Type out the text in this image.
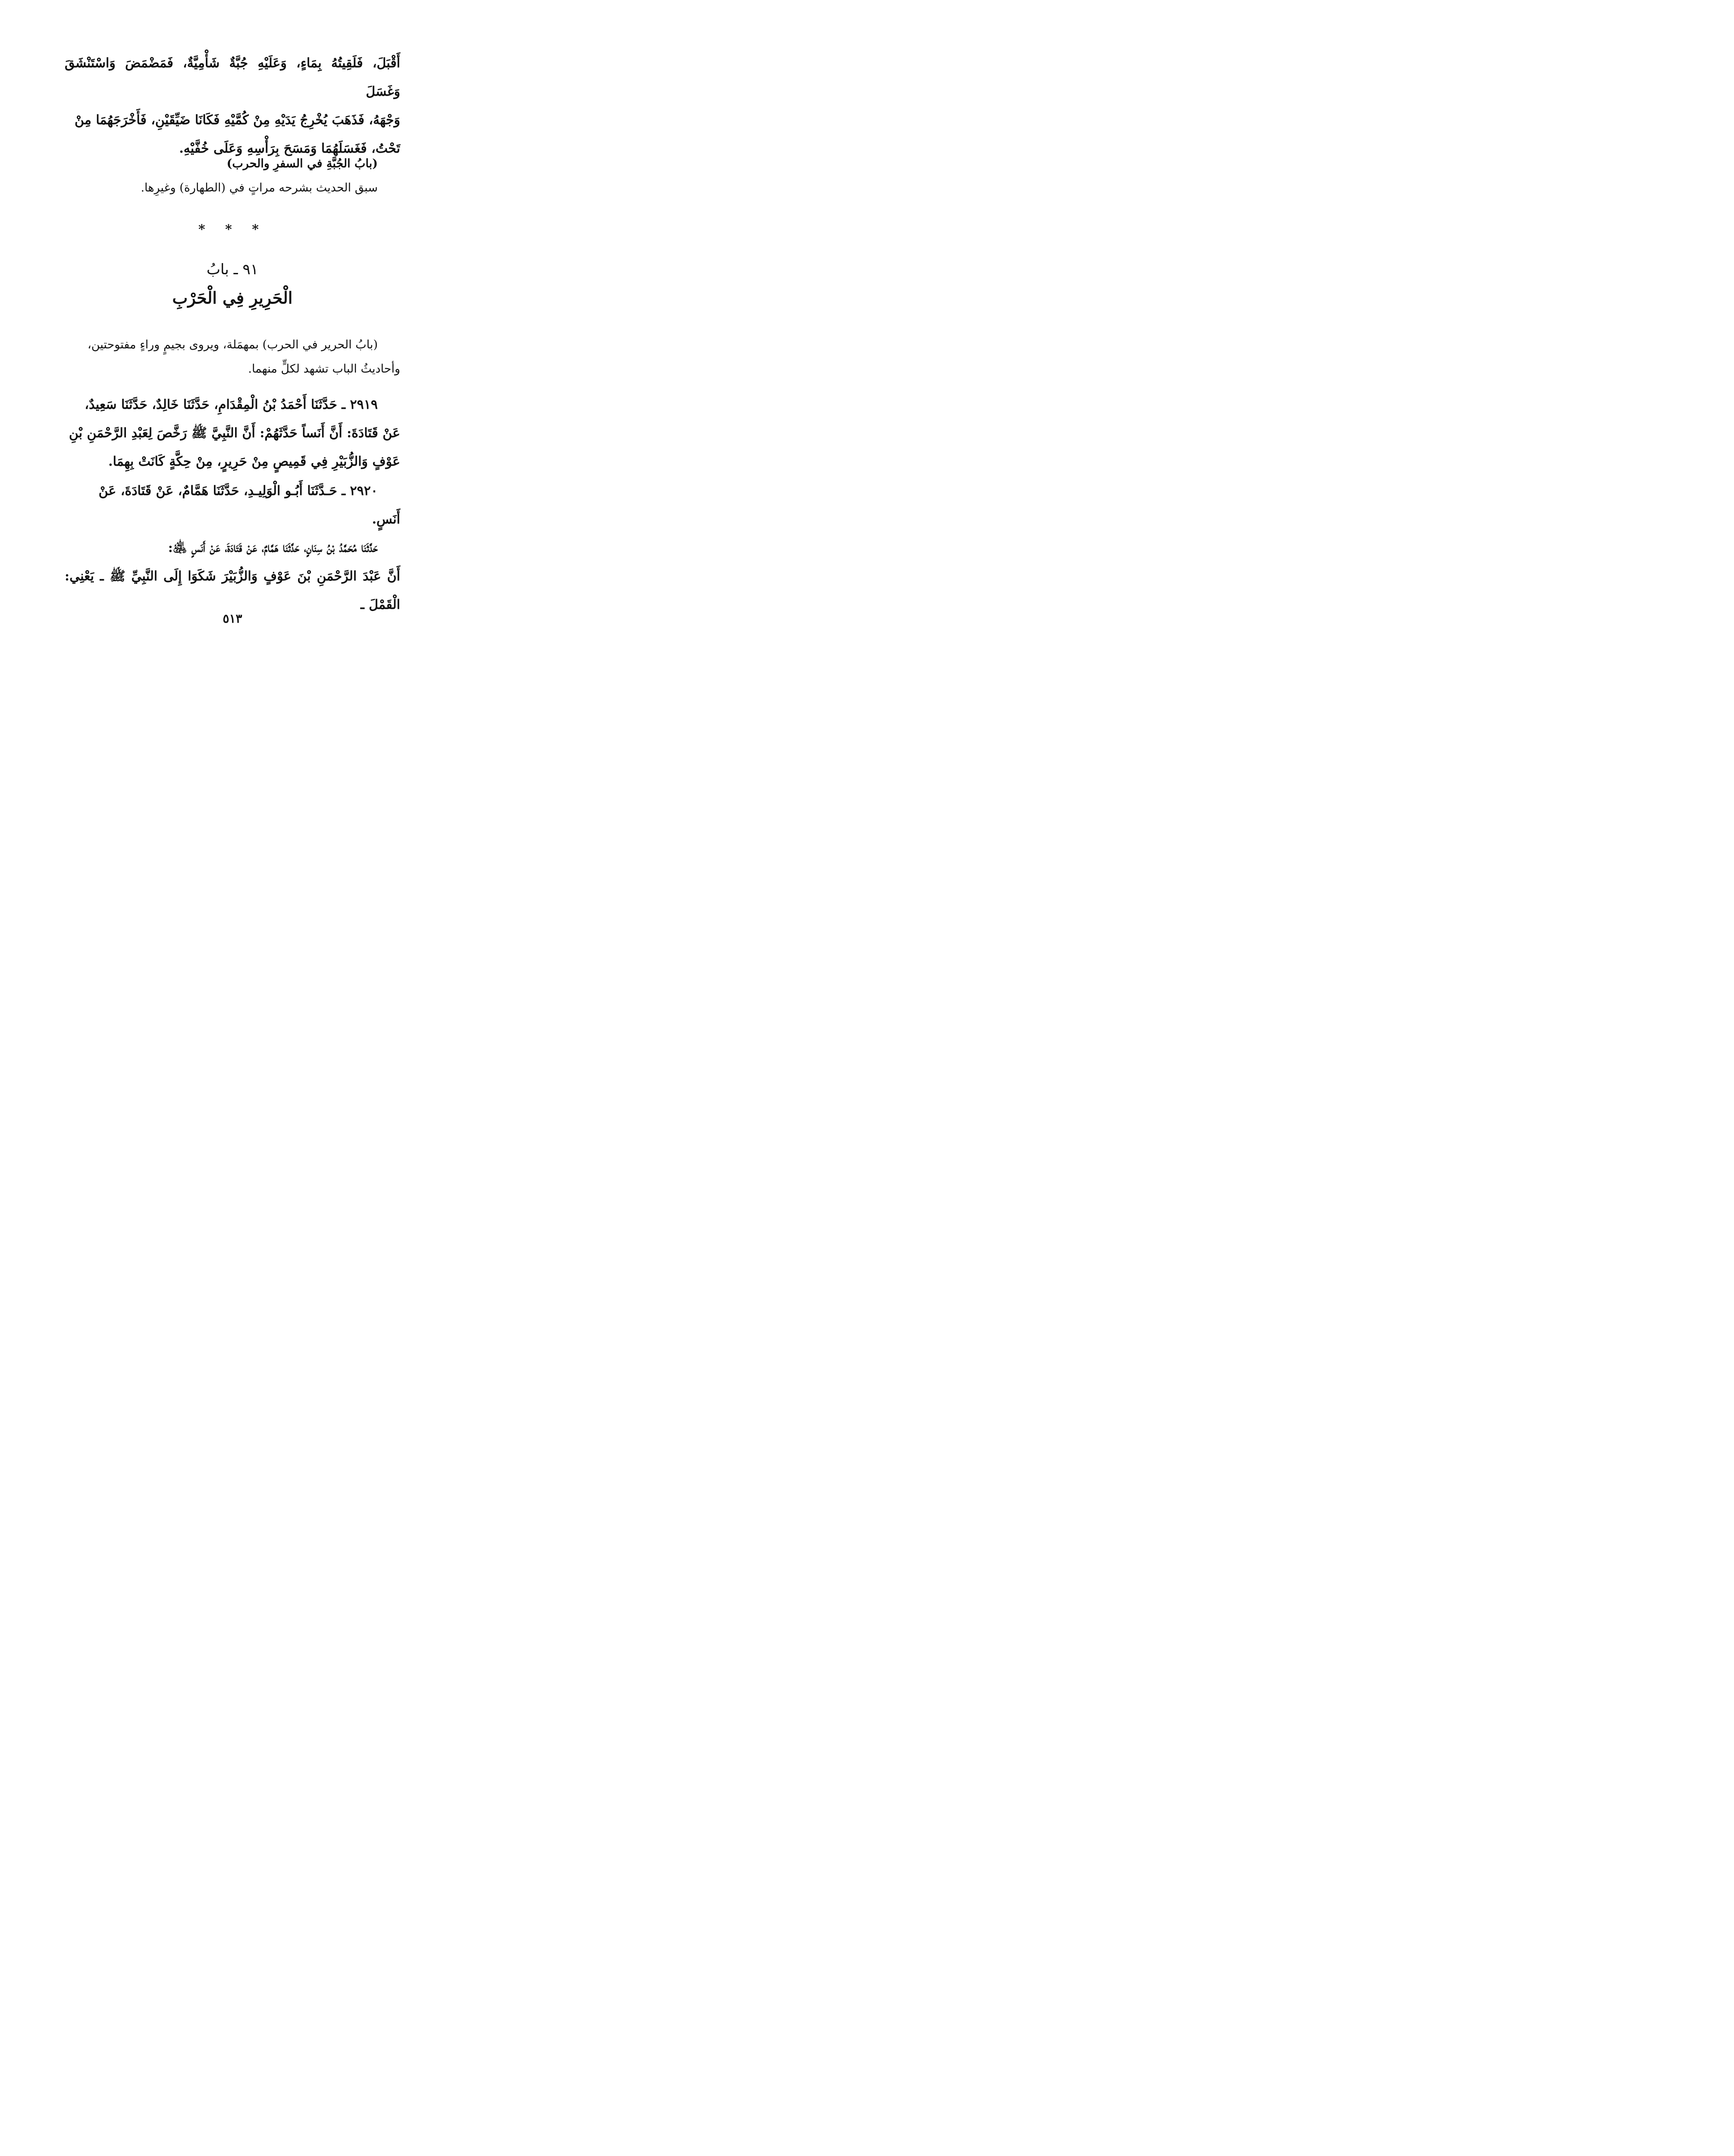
أَقْبَلَ، فَلَقِيتُهُ بِمَاءٍ، وَعَلَيْهِ جُبَّةٌ شَأْمِيَّةٌ، فَمَضْمَضَ وَاسْتَنْشَقَ وَغَسَلَ
وَجْهَهُ، فَذَهَبَ يُخْرِجُ يَدَيْهِ مِنْ كُمَّيْهِ فَكَانَا ضَيِّقَيْنِ، فَأَخْرَجَهُمَا مِنْ
تَحْتُ، فَغَسَلَهُمَا وَمَسَحَ بِرَأْسِهِ وَعَلَى خُفَّيْهِ.
(بابُ الجُبَّةِ في السفرِ والحرب)
سبق الحديث بشرحه مراتٍ في (الطهارة) وغيرِها.
* * *
٩١ ـ بابُ
الْحَرِيرِ فِي الْحَرْبِ
(بابُ الحرير في الحرب) بمهمَلة، ويروى بجيمٍ وراءٍ مفتوحتين،
وأحاديثُ الباب تشهد لكلٍّ منهما.
٢٩١٩ ـ حَدَّثَنَا أَحْمَدُ بْنُ الْمِقْدَامِ، حَدَّثَنَا خَالِدٌ، حَدَّثَنَا سَعِيدٌ،
عَنْ قَتَادَةَ: أَنَّ أَنَساً حَدَّثَهُمْ: أَنَّ النَّبِيَّ ﷺ رَخَّصَ لِعَبْدِ الرَّحْمَنِ بْنِ
عَوْفٍ وَالزُّبَيْرِ فِي قَمِيصٍ مِنْ حَرِيرٍ، مِنْ حِكَّةٍ كَانَتْ بِهِمَا.
٢٩٢٠ ـ حَـدَّثَنَا أَبُـو الْوَلِيـدِ، حَدَّثَنَا هَمَّامٌ، عَنْ قَتَادَةَ، عَنْ
أَنَسٍ.
حَدَّثَنَا مُحَمَّدُ بْنُ سِنَانٍ، حَدَّثَنَا هَمَّامٌ، عَنْ قَتَادَةَ، عَنْ أَنَسٍ ﵁:
أَنَّ عَبْدَ الرَّحْمَنِ بْنَ عَوْفٍ وَالزُّبَيْرَ شَكَوَا إِلَى النَّبِيِّ ﷺ ـ يَعْنِي: الْقَمْلَ ـ
٥١٣
